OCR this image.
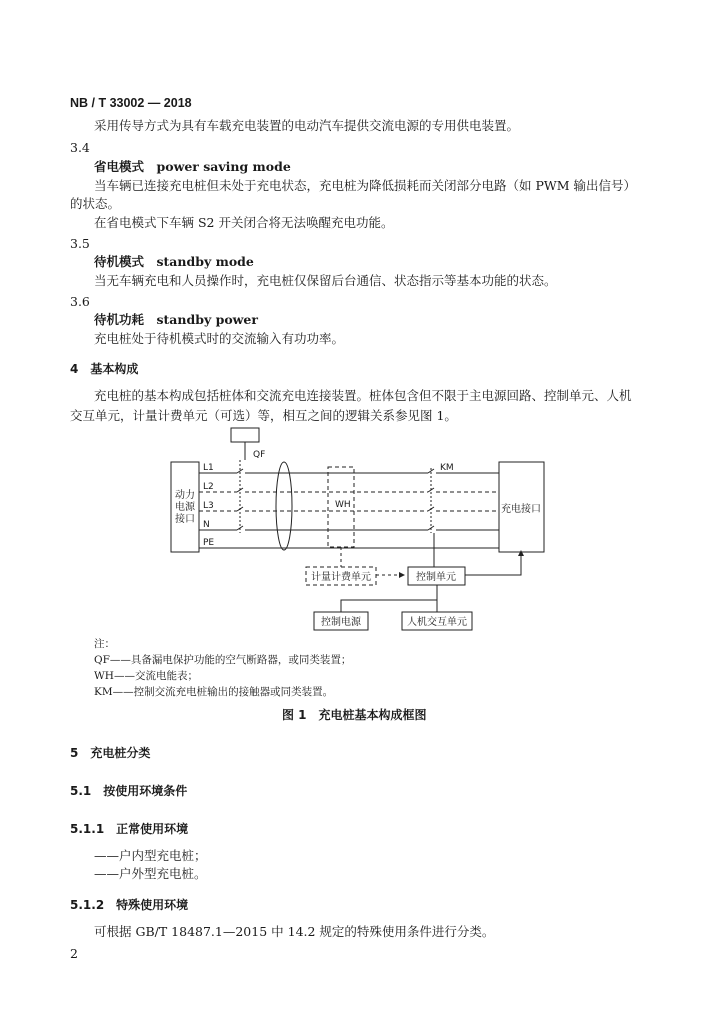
NB / T 33002 — 2018
采用传导方式为具有车载充电装置的电动汽车提供交流电源的专用供电装置。
3.4
省电模式　power saving mode
当车辆已连接充电桩但未处于充电状态，充电桩为降低损耗而关闭部分电路（如 PWM 输出信号）
的状态。
在省电模式下车辆 S2 开关闭合将无法唤醒充电功能。
3.5
待机模式　standby mode
当无车辆充电和人员操作时，充电桩仅保留后台通信、状态指示等基本功能的状态。
3.6
待机功耗　standby power
充电桩处于待机模式时的交流输入有功功率。
4　基本构成
充电桩的基本构成包括桩体和交流充电连接装置。桩体包含但不限于主电源回路、控制单元、人机
交互单元，计量计费单元（可选）等，相互之间的逻辑关系参见图 1。
QF
动力
电源
接口
充电接口
L1
L2
L3
N
PE
WH
KM
计量计费单元	控制单元
控制电源	人机交互单元
注：
QF——具备漏电保护功能的空气断路器，或同类装置；
WH——交流电能表；
KM——控制交流充电桩输出的接触器或同类装置。
图 1　充电桩基本构成框图
5　充电桩分类
5.1　按使用环境条件
5.1.1　正常使用环境
——户内型充电桩；
——户外型充电桩。
5.1.2　特殊使用环境
可根据 GB/T 18487.1—2015 中 14.2 规定的特殊使用条件进行分类。
2
